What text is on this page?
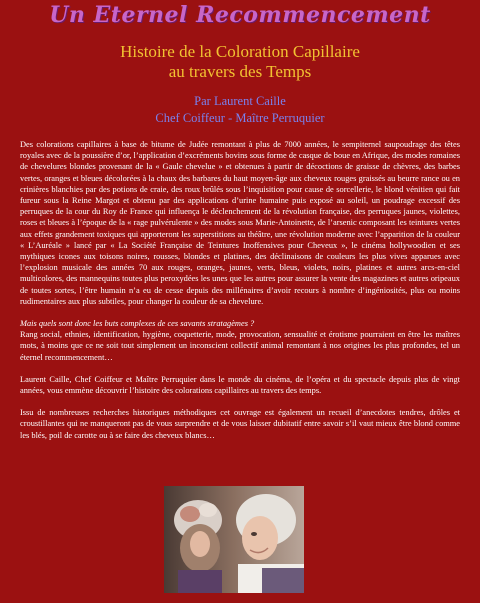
Un Eternel Recommencement
Histoire de la Coloration Capillaire
au travers des Temps
Par Laurent Caille
Chef Coiffeur - Maître Perruquier

Des colorations capillaires à base de bitume de Judée remontant à plus de 7000 années, le sempiternel saupoudrage des têtes royales avec de la poussière d’or, l’application d’excréments bovins sous forme de casque de boue en Afrique, des modes romaines de chevelures blondes provenant de la « Gaule chevelue » et obtenues à partir de décoctions de graisse de chèvres, des barbes vertes, oranges et bleues décolorées à la chaux des barbares du haut moyen-âge aux cheveux rouges graissés au beurre rance ou en crinières blanchies par des potions de craie, des roux brûlés sous l’inquisition pour cause de sorcellerie, le blond vénitien qui fait fureur sous la Reine Margot et obtenu par des applications d’urine humaine puis exposé au soleil, un poudrage excessif des perruques de la cour du Roy de France qui influença le déclenchement de la révolution française, des perruques jaunes, violettes, roses et bleues à l’époque de la « rage pulvérulente » des modes sous Marie-Antoinette, de l’arsenic composant les teintures vertes aux effets grandement toxiques qui apporteront les superstitions au théâtre, une révolution moderne avec l’apparition de la couleur « L’Auréale » lancé par « La Société Française de Teintures Inoffensives pour Cheveux », le cinéma hollywoodien et ses mythiques icones aux toisons noires, rousses, blondes et platines, des déclinaisons de couleurs les plus vives apparues avec l’explosion musicale des années 70 aux rouges, oranges, jaunes, verts, bleus, violets, noirs, platines et autres arcs-en-ciel multicolores, des mannequins toutes plus peroxydées les unes que les autres pour assurer la vente des magazines et autres oripeaux de toutes sortes, l’être humain n’a eu de cesse depuis des millénaires d’avoir recours à nombre d’ingéniosités, plus ou moins rudimentaires aux plus subtiles, pour changer la couleur de sa chevelure.

Mais quels sont donc les buts complexes de ces savants stratagèmes ?
Rang social, ethnies, identification, hygiène, coquetterie, mode, provocation, sensualité et érotisme pourraient en être les maîtres mots, à moins que ce ne soit tout simplement un inconscient collectif animal remontant à nos origines les plus profondes, tel un éternel recommencement…

Laurent Caille, Chef Coiffeur et Maître Perruquier dans le monde du cinéma, de l’opéra et du spectacle depuis plus de vingt années, vous emmène découvrir l’histoire des colorations capillaires au travers des temps.

Issu de nombreuses recherches historiques méthodiques cet ouvrage est également un recueil d’anecdotes tendres, drôles et croustillantes qui ne manqueront pas de vous surprendre et de vous laisser dubitatif entre savoir s’il vaut mieux être blond comme les blés, poil de carotte ou à se faire des cheveux blancs…
